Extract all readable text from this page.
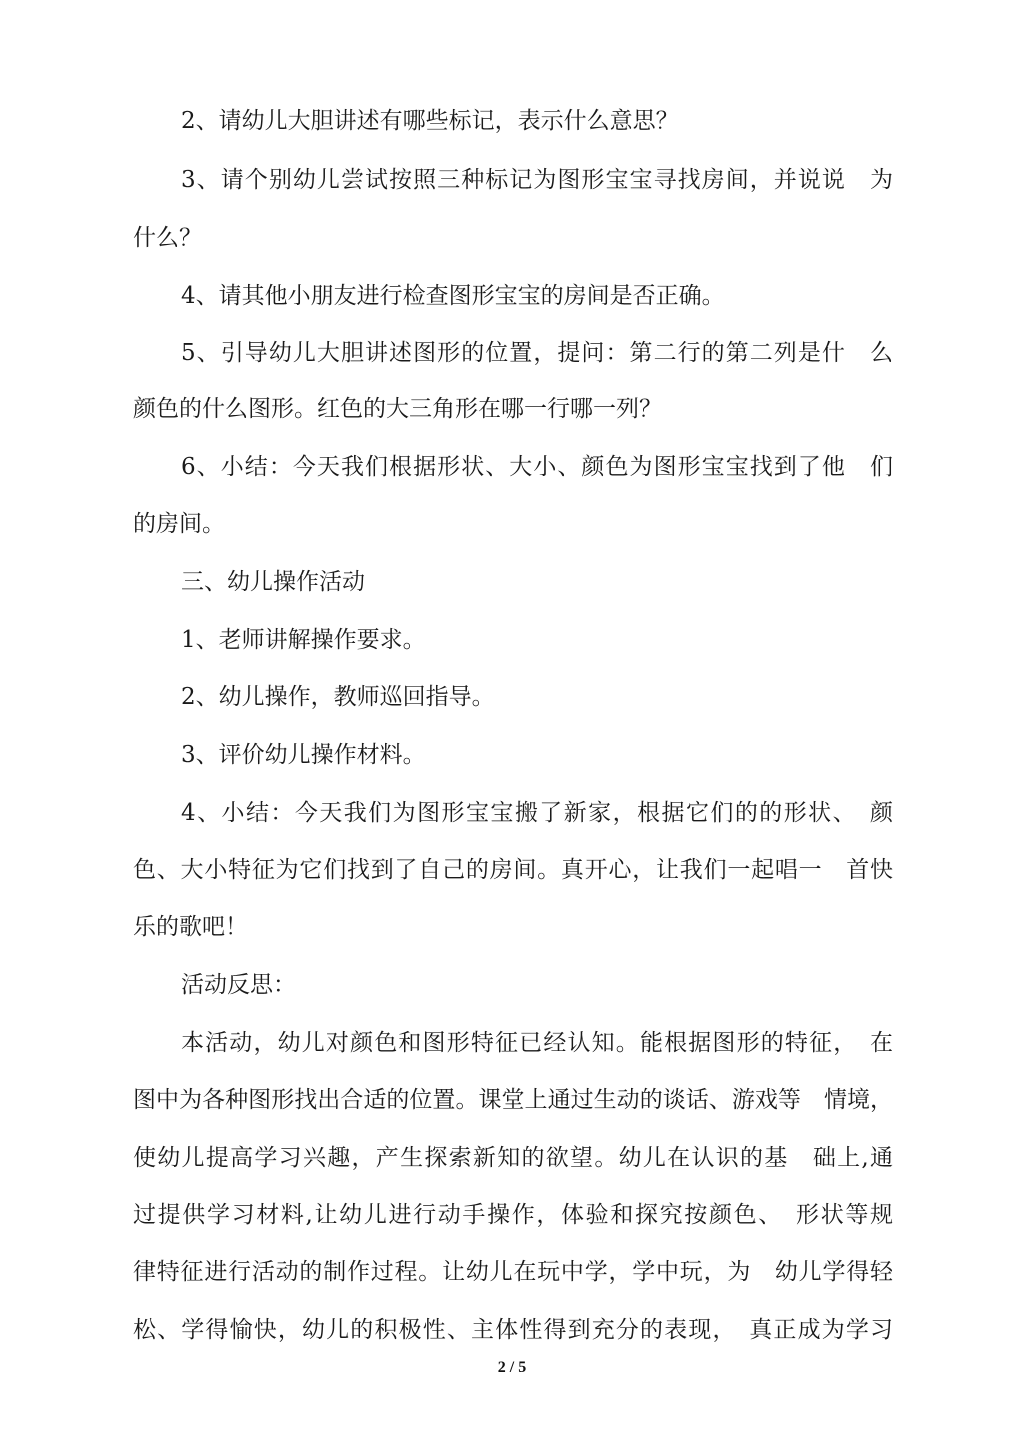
2、请幼儿大胆讲述有哪些标记，表示什么意思？
3、请个别幼儿尝试按照三种标记为图形宝宝寻找房间，并说说　为
什么？
4、请其他小朋友进行检查图形宝宝的房间是否正确。
5、引导幼儿大胆讲述图形的位置，提问：第二行的第二列是什　么
颜色的什么图形。红色的大三角形在哪一行哪一列？
6、小结：今天我们根据形状、大小、颜色为图形宝宝找到了他　们
的房间。
三、幼儿操作活动
1、老师讲解操作要求。
2、幼儿操作，教师巡回指导。
3、评价幼儿操作材料。
4、小结：今天我们为图形宝宝搬了新家，根据它们的的形状、　颜
色、大小特征为它们找到了自己的房间。真开心，让我们一起唱一　首快
乐的歌吧！
活动反思：
本活动，幼儿对颜色和图形特征已经认知。能根据图形的特征，　在
图中为各种图形找出合适的位置。课堂上通过生动的谈话、游戏等　情境，
使幼儿提高学习兴趣，产生探索新知的欲望。幼儿在认识的基　础上,通
过提供学习材料,让幼儿进行动手操作，体验和探究按颜色、　形状等规
律特征进行活动的制作过程。让幼儿在玩中学，学中玩，为　幼儿学得轻
松、学得愉快，幼儿的积极性、主体性得到充分的表现，　真正成为学习
2 / 5
